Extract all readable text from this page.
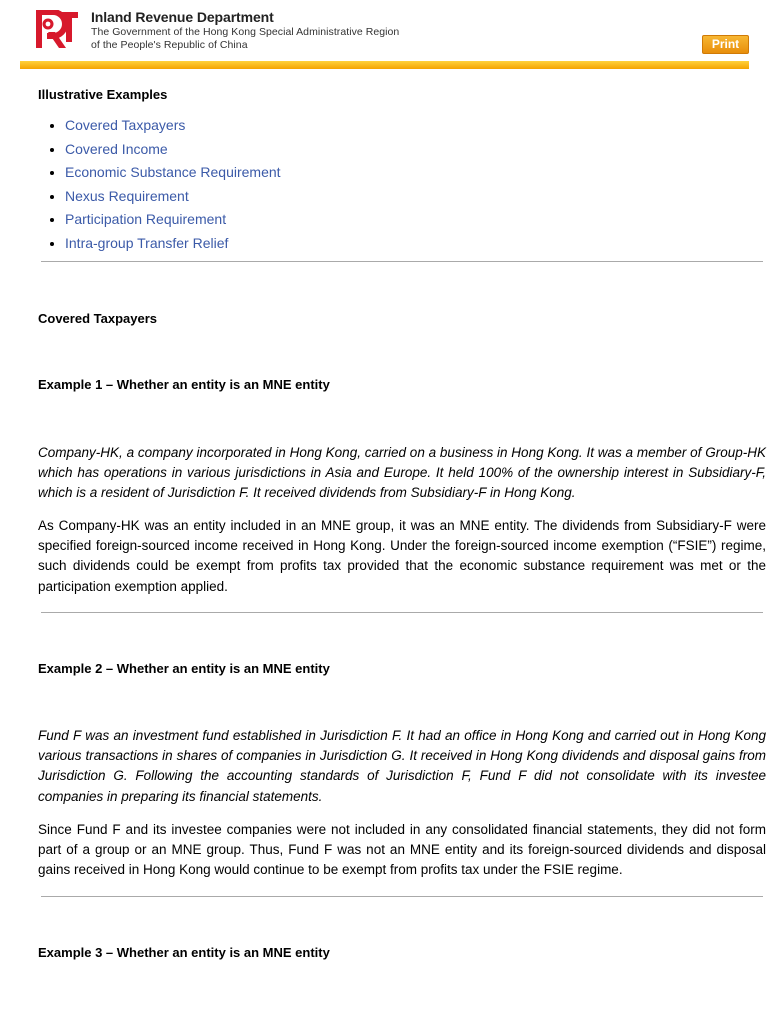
Inland Revenue Department
The Government of the Hong Kong Special Administrative Region
of the People's Republic of China	Print
Illustrative Examples
Covered Taxpayers
Covered Income
Economic Substance Requirement
Nexus Requirement
Participation Requirement
Intra-group Transfer Relief
Covered Taxpayers
Example 1 – Whether an entity is an MNE entity

Company-HK, a company incorporated in Hong Kong, carried on a business in Hong Kong. It was a member of Group-HK which has operations in various jurisdictions in Asia and Europe. It held 100% of the ownership interest in Subsidiary-F, which is a resident of Jurisdiction F. It received dividends from Subsidiary-F in Hong Kong.

As Company-HK was an entity included in an MNE group, it was an MNE entity. The dividends from Subsidiary-F were specified foreign-sourced income received in Hong Kong. Under the foreign-sourced income exemption (“FSIE”) regime, such dividends could be exempt from profits tax provided that the economic substance requirement was met or the participation exemption applied.

Example 2 – Whether an entity is an MNE entity

Fund F was an investment fund established in Jurisdiction F. It had an office in Hong Kong and carried out in Hong Kong various transactions in shares of companies in Jurisdiction G. It received in Hong Kong dividends and disposal gains from Jurisdiction G. Following the accounting standards of Jurisdiction F, Fund F did not consolidate with its investee companies in preparing its financial statements.

Since Fund F and its investee companies were not included in any consolidated financial statements, they did not form part of a group or an MNE group. Thus, Fund F was not an MNE entity and its foreign-sourced dividends and disposal gains received in Hong Kong would continue to be exempt from profits tax under the FSIE regime.

Example 3 – Whether an entity is an MNE entity
